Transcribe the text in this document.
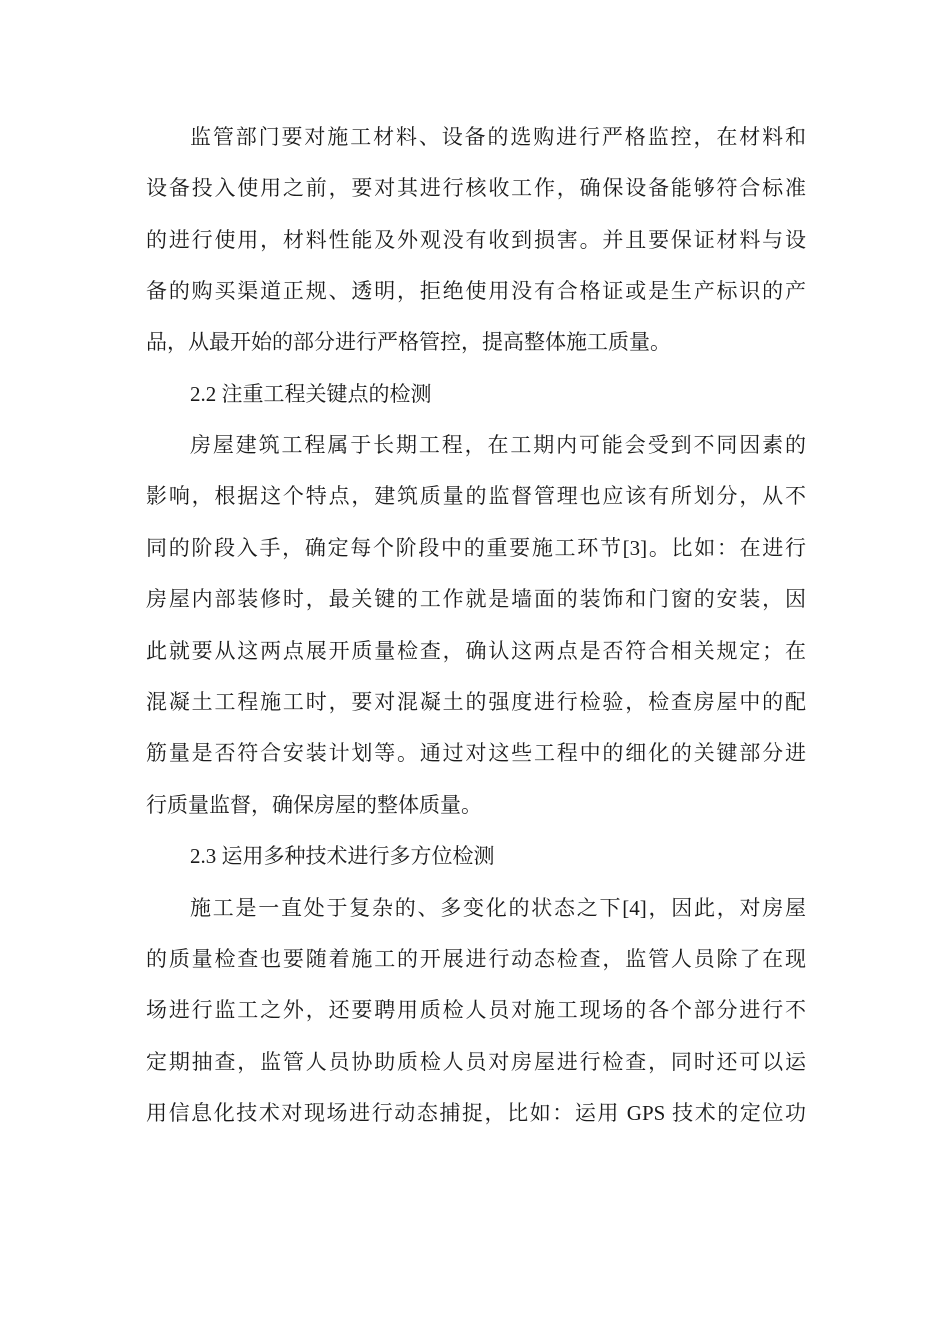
监管部门要对施工材料、设备的选购进行严格监控，在材料和
设备投入使用之前，要对其进行核收工作，确保设备能够符合标准
的进行使用，材料性能及外观没有收到损害。并且要保证材料与设
备的购买渠道正规、透明，拒绝使用没有合格证或是生产标识的产
品，从最开始的部分进行严格管控，提高整体施工质量。
2.2 注重工程关键点的检测
房屋建筑工程属于长期工程，在工期内可能会受到不同因素的
影响，根据这个特点，建筑质量的监督管理也应该有所划分，从不
同的阶段入手，确定每个阶段中的重要施工环节[3]。比如：在进行
房屋内部装修时，最关键的工作就是墙面的装饰和门窗的安装，因
此就要从这两点展开质量检查，确认这两点是否符合相关规定；在
混凝土工程施工时，要对混凝土的强度进行检验，检查房屋中的配
筋量是否符合安装计划等。通过对这些工程中的细化的关键部分进
行质量监督，确保房屋的整体质量。
2.3 运用多种技术进行多方位检测
施工是一直处于复杂的、多变化的状态之下[4]，因此，对房屋
的质量检查也要随着施工的开展进行动态检查，监管人员除了在现
场进行监工之外，还要聘用质检人员对施工现场的各个部分进行不
定期抽查，监管人员协助质检人员对房屋进行检查，同时还可以运
用信息化技术对现场进行动态捕捉，比如：运用 GPS 技术的定位功
